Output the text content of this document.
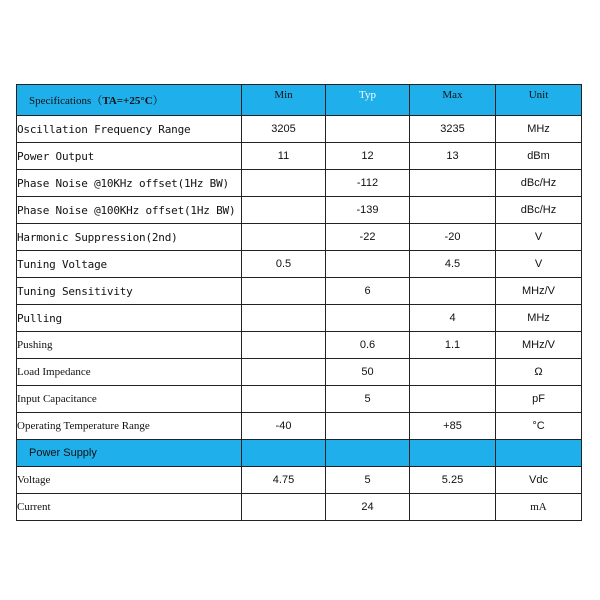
Specifications（TA=+25°C）	Min	Typ	Max	Unit
Oscillation Frequency Range	3205		3235	MHz
Power Output	11	12	13	dBm
Phase Noise @10KHz offset(1Hz BW)		-112		dBc/Hz
Phase Noise @100KHz offset(1Hz BW)		-139		dBc/Hz
Harmonic Suppression(2nd)		-22	-20	V
Tuning Voltage	0.5		4.5	V
Tuning Sensitivity		6		MHz/V
Pulling			4	MHz
Pushing		0.6	1.1	MHz/V
Load Impedance		50		Ω
Input Capacitance		5		pF
Operating Temperature Range	-40		+85	°C
Power Supply				
Voltage	4.75	5	5.25	Vdc
Current		24		mA
